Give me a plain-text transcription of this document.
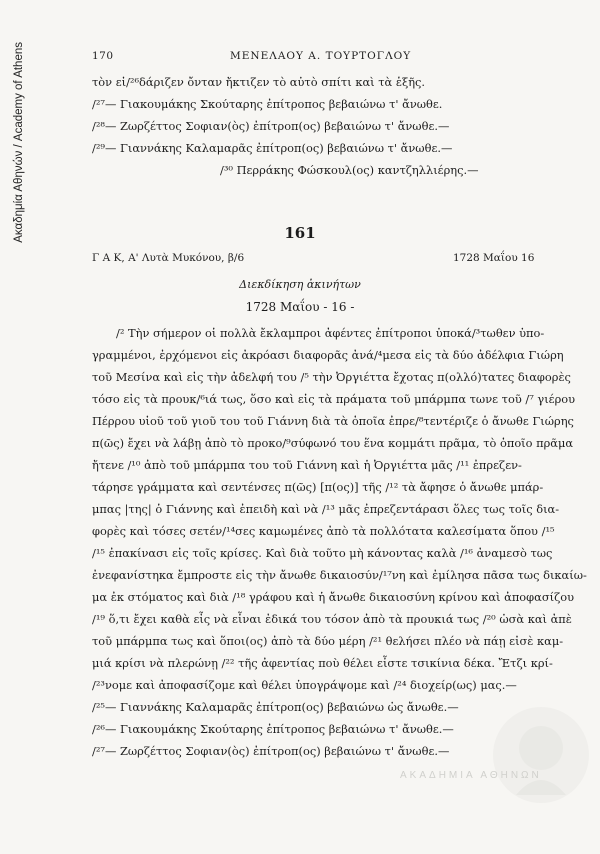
Ακαδημία Αθηνών / Academy of Athens	170	ΜΕΝΕΛΑΟΥ Α. ΤΟΥΡΤΟΓΛΟΥ
τὸν εἰ/²⁶δάριζεν ὄνταν ἤκτιζεν τὸ αὐτὸ σπίτι καὶ τὰ ἑξῆς.
/²⁷— Γιακουμάκης Σκούταρης ἐπίτροπος βεβαιώνω τ' ἄνωθε.
/²⁸— Ζωρζέττος Σοφιαν(ὸς) ἐπίτροπ(ος) βεβαιώνω τ' ἄνωθε.—
/²⁹— Γιαννάκης Καλαμαρᾶς ἐπίτροπ(ος) βεβαιώνω τ' ἄνωθε.—
/³⁰ Περράκης Φώσκουλ(ος) καντζηλλιέρης.—
161
Γ Α Κ, Α' Λυτὰ Μυκόνου, β/6	1728 Μαΐου 16
Διεκδίκηση ἀκινήτων
1728 Μαΐου - 16 -
/² Τὴν σήμερον οἱ πολλὰ ἔκλαμπροι ἀφέντες ἐπίτροποι ὑποκά/³τωθεν ὑπο-
γραμμένοι, ἐρχόμενοι εἰς ἀκρόασι διαφορᾶς ἀνά/⁴μεσα εἰς τὰ δύο ἀδέλφια Γιώρη
τοῦ Μεσίνα καὶ εἰς τὴν ἀδελφή του /⁵ τὴν Ὀργιέττα ἔχοτας π(ολλό)τατες διαφορὲς
τόσο εἰς τὰ προυκ/⁶ιά τως, ὅσο καὶ εἰς τὰ πράματα τοῦ μπάρμπα τωνε τοῦ /⁷ γιέρου
Πέρρου υἱοῦ τοῦ γιοῦ του τοῦ Γιάννη διὰ τὰ ὁποῖα ἐπρε/⁸τεντέριζε ὁ ἄνωθε Γιώρης
π(ῶς) ἔχει νὰ λάβῃ ἀπὸ τὸ προκο/⁹σύφωνό του ἕνα κομμάτι πρᾶμα, τὸ ὁποῖο πρᾶμα
ἤτενε /¹⁰ ἀπὸ τοῦ μπάρμπα του τοῦ Γιάννη καὶ ἡ Ὀργιέττα μᾶς /¹¹ ἐπρεζεν-
τάρησε γράμματα καὶ σεντένσες π(ῶς) [π(ος)] τῆς /¹² τὰ ἄφησε ὁ ἄνωθε μπάρ-
μπας |της| ὁ Γιάννης καὶ ἐπειδὴ καὶ νὰ /¹³ μᾶς ἐπρεζεντάρασι ὅλες τως τοῖς δια-
φορὲς καὶ τόσες σετέν/¹⁴σες καμωμένες ἀπὸ τὰ πολλότατα καλεσίματα ὅπου /¹⁵
/¹⁵ ἐπακίνασι εἰς τοῖς κρίσες. Καὶ διὰ τοῦτο μὴ κάνοντας καλὰ /¹⁶ ἀναμεσὸ τως
ἐνεφανίστηκα ἔμπροστε εἰς τὴν ἄνωθε δικαιοσύν/¹⁷νη καὶ ἐμίλησα πᾶσα τως δικαίω-
μα ἐκ στόματος καὶ διὰ /¹⁸ γράφου καὶ ἡ ἄνωθε δικαιοσύνη κρίνου καὶ ἀποφασίζου
/¹⁹ ὅ,τι ἔχει καθὰ εἷς νὰ εἶναι ἐδικά του τόσον ἀπὸ τὰ προυκιά τως /²⁰ ὡσὰ καὶ ἀπὲ
τοῦ μπάρμπα τως καὶ ὅποι(ος) ἀπὸ τὰ δύο μέρη /²¹ θελήσει πλέο νὰ πάῃ εἰσὲ καμ-
μιά κρίσι νὰ πλερώνῃ /²² τῆς ἀφεντίας ποὺ θέλει εἶστε τσικίνια δέκα. Ἔτζι κρί-
/²³νομε καὶ ἀποφασίζομε καὶ θέλει ὑπογράψομε καὶ /²⁴ διοχείρ(ως) μας.—
/²⁵— Γιαννάκης Καλαμαρᾶς ἐπίτροπ(ος) βεβαιώνω ὡς ἄνωθε.—
/²⁶— Γιακουμάκης Σκούταρης ἐπίτροπος βεβαιώνω τ' ἄνωθε.—
/²⁷— Ζωρζέττος Σοφιαν(ὸς) ἐπίτροπ(ος) βεβαιώνω τ' ἄνωθε.—
ΑΚΑΔΗΜΙΑ ΑΘΗΝΩΝ
